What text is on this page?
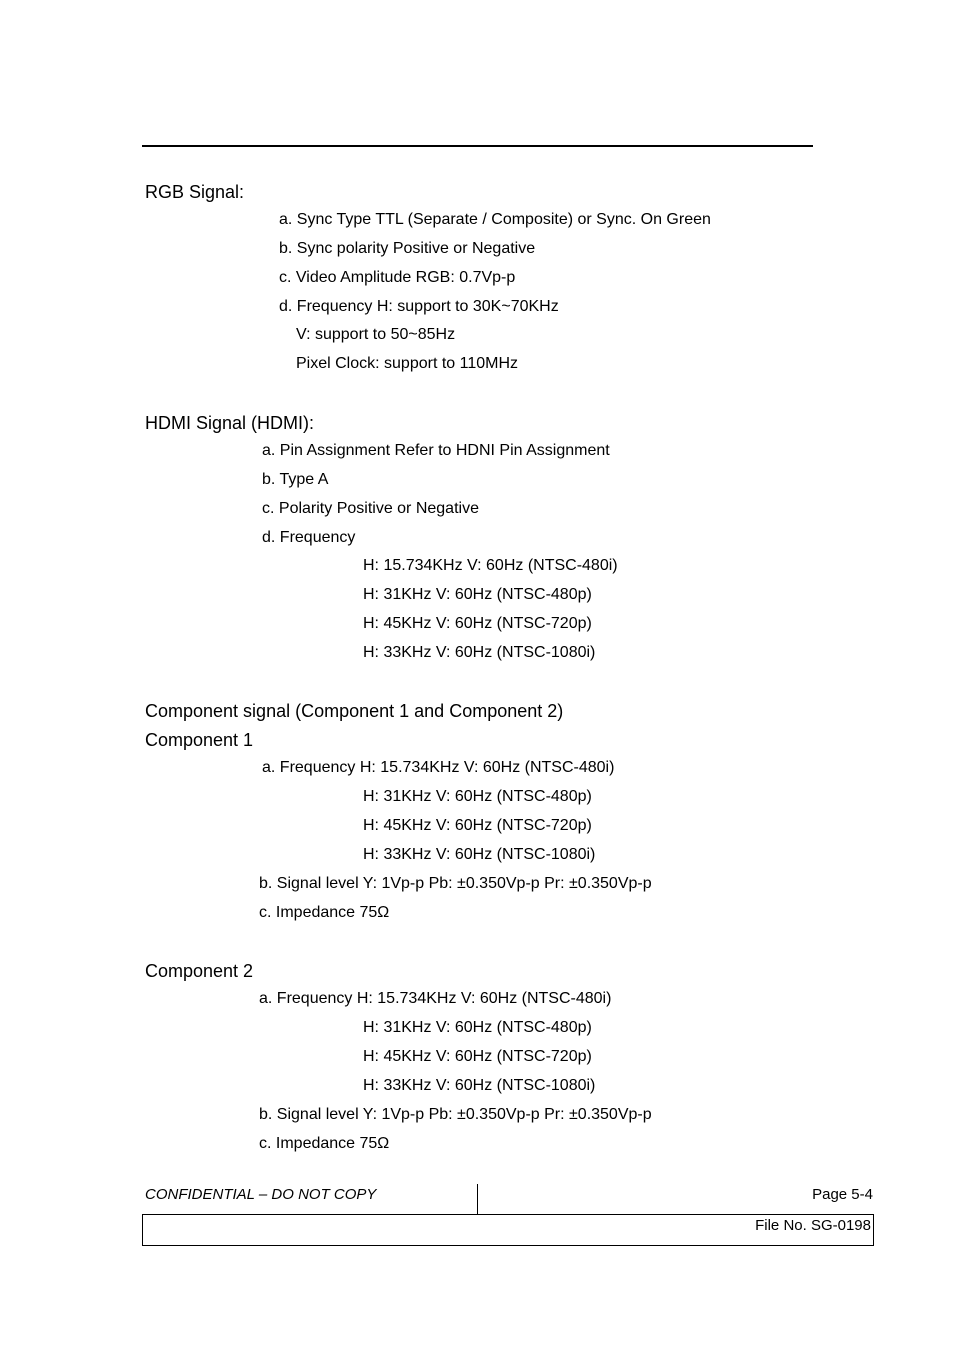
RGB Signal:
a. Sync Type TTL (Separate / Composite) or Sync. On Green
b. Sync polarity Positive or Negative
c. Video Amplitude RGB: 0.7Vp-p
d. Frequency H: support to 30K~70KHz
V: support to 50~85Hz
Pixel Clock: support to 110MHz
HDMI Signal (HDMI):
a. Pin Assignment Refer to HDNI Pin Assignment
b. Type A
c. Polarity Positive or Negative
d. Frequency
H: 15.734KHz V: 60Hz (NTSC-480i)
H: 31KHz V: 60Hz (NTSC-480p)
H: 45KHz V: 60Hz (NTSC-720p)
H: 33KHz V: 60Hz (NTSC-1080i)
Component signal (Component 1 and Component 2)
Component 1
a. Frequency H: 15.734KHz V: 60Hz (NTSC-480i)
H: 31KHz V: 60Hz (NTSC-480p)
H: 45KHz V: 60Hz (NTSC-720p)
H: 33KHz V: 60Hz (NTSC-1080i)
b. Signal level Y: 1Vp-p Pb: ±0.350Vp-p Pr: ±0.350Vp-p
c. Impedance 75Ω
Component 2
a. Frequency H: 15.734KHz V: 60Hz (NTSC-480i)
H: 31KHz V: 60Hz (NTSC-480p)
H: 45KHz V: 60Hz (NTSC-720p)
H: 33KHz V: 60Hz (NTSC-1080i)
b. Signal level Y: 1Vp-p Pb: ±0.350Vp-p Pr: ±0.350Vp-p
c. Impedance 75Ω
CONFIDENTIAL – DO NOT COPY	Page 5-4
File No. SG-0198
